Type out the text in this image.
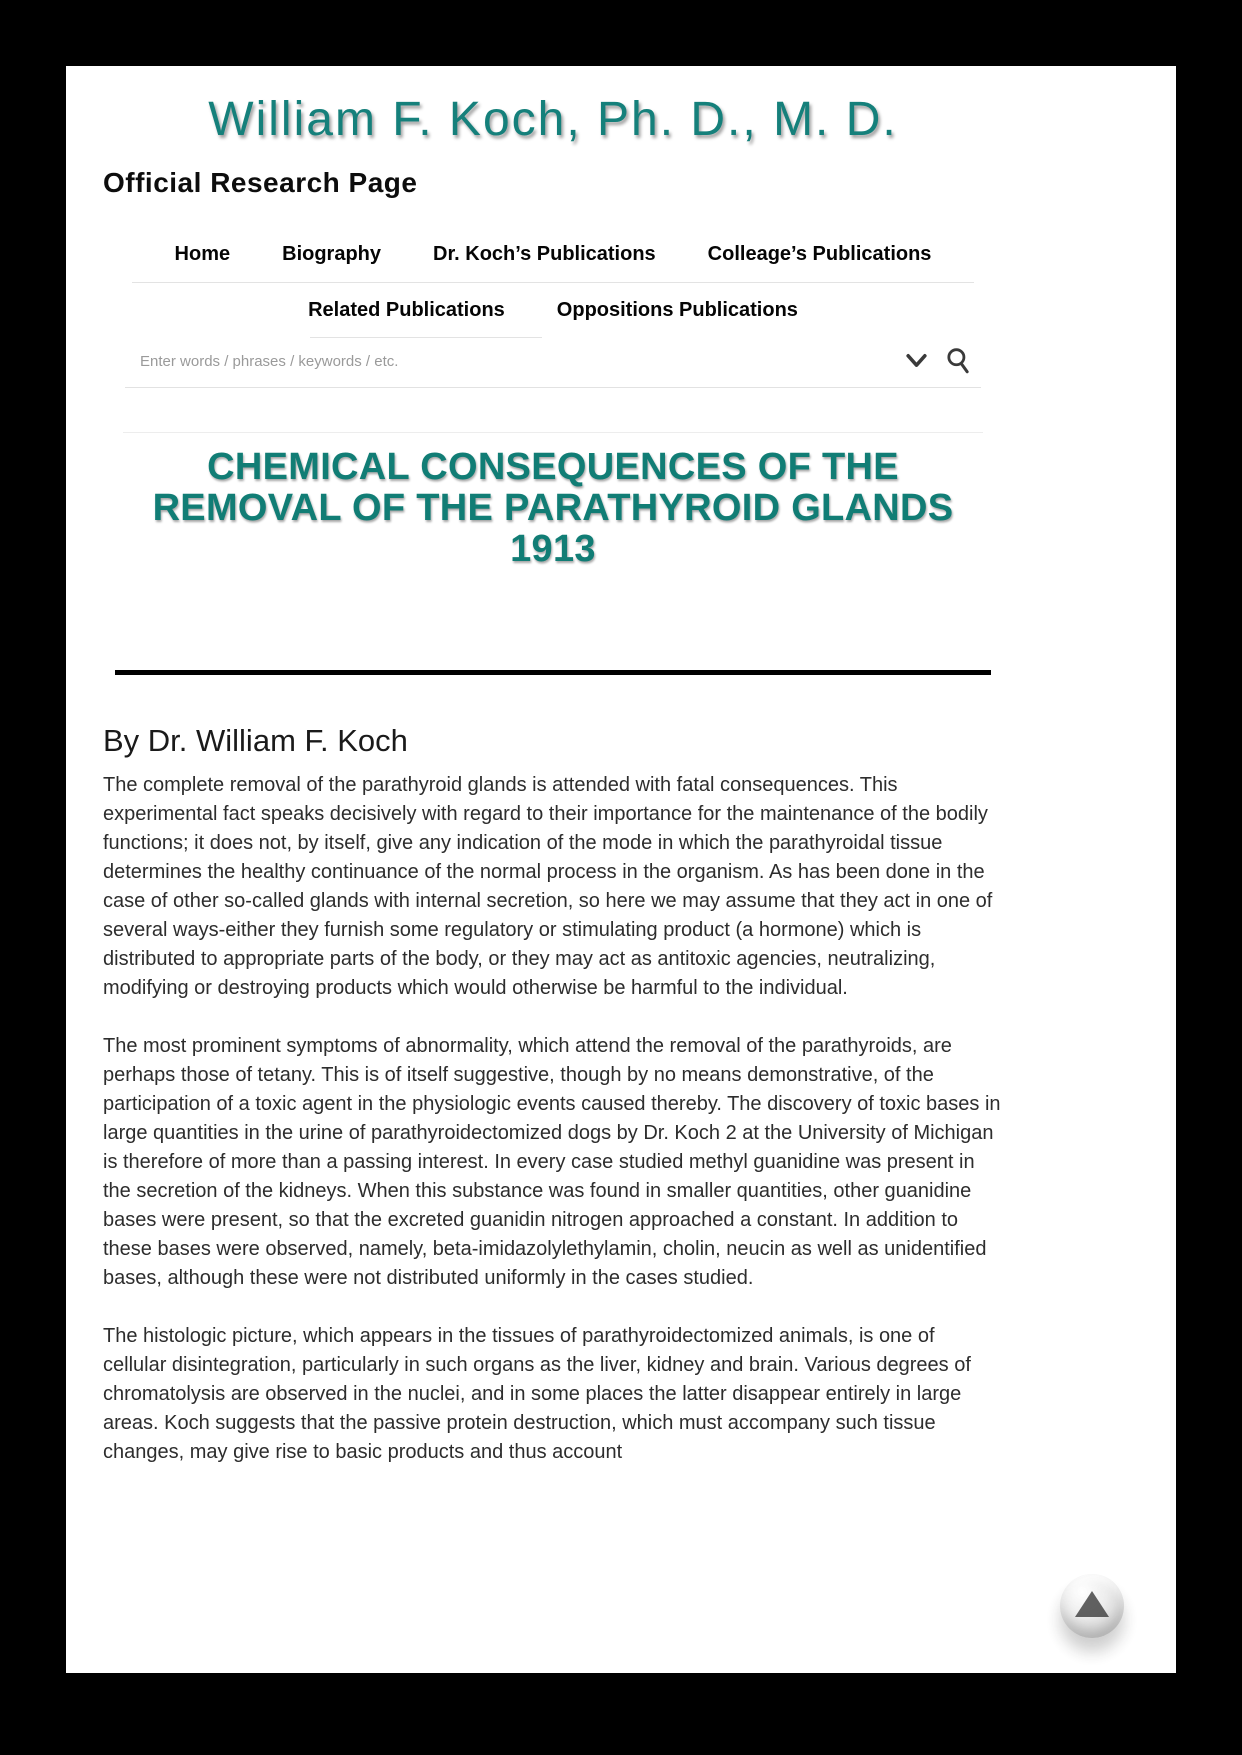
William F. Koch, Ph. D., M. D.
Official Research Page
Home	Biography	Dr. Koch’s Publications	Colleage’s Publications
Related Publications	Oppositions Publications
Enter words / phrases / keywords / etc.
CHEMICAL CONSEQUENCES OF THE
REMOVAL OF THE PARATHYROID GLANDS
1913
By Dr. William F. Koch

The complete removal of the parathyroid glands is attended with fatal consequences. This experimental fact speaks decisively with regard to their importance for the maintenance of the bodily functions; it does not, by itself, give any indication of the mode in which the parathyroidal tissue determines the healthy continuance of the normal process in the organism. As has been done in the case of other so-called glands with internal secretion, so here we may assume that they act in one of several ways-either they furnish some regulatory or stimulating product (a hormone) which is distributed to appropriate parts of the body, or they may act as antitoxic agencies, neutralizing, modifying or destroying products which would otherwise be harmful to the individual.

The most prominent symptoms of abnormality, which attend the removal of the parathyroids, are perhaps those of tetany. This is of itself suggestive, though by no means demonstrative, of the participation of a toxic agent in the physiologic events caused thereby. The discovery of toxic bases in large quantities in the urine of parathyroidectomized dogs by Dr. Koch 2 at the University of Michigan is therefore of more than a passing interest. In every case studied methyl guanidine was present in the secretion of the kidneys. When this substance was found in smaller quantities, other guanidine bases were present, so that the excreted guanidin nitrogen approached a constant. In addition to these bases were observed, namely, beta-imidazolylethylamin, cholin, neucin as well as unidentified bases, although these were not distributed uniformly in the cases studied.

The histologic picture, which appears in the tissues of parathyroidectomized animals, is one of cellular disintegration, particularly in such organs as the liver, kidney and brain. Various degrees of chromatolysis are observed in the nuclei, and in some places the latter disappear entirely in large areas. Koch suggests that the passive protein destruction, which must accompany such tissue changes, may give rise to basic products and thus account
